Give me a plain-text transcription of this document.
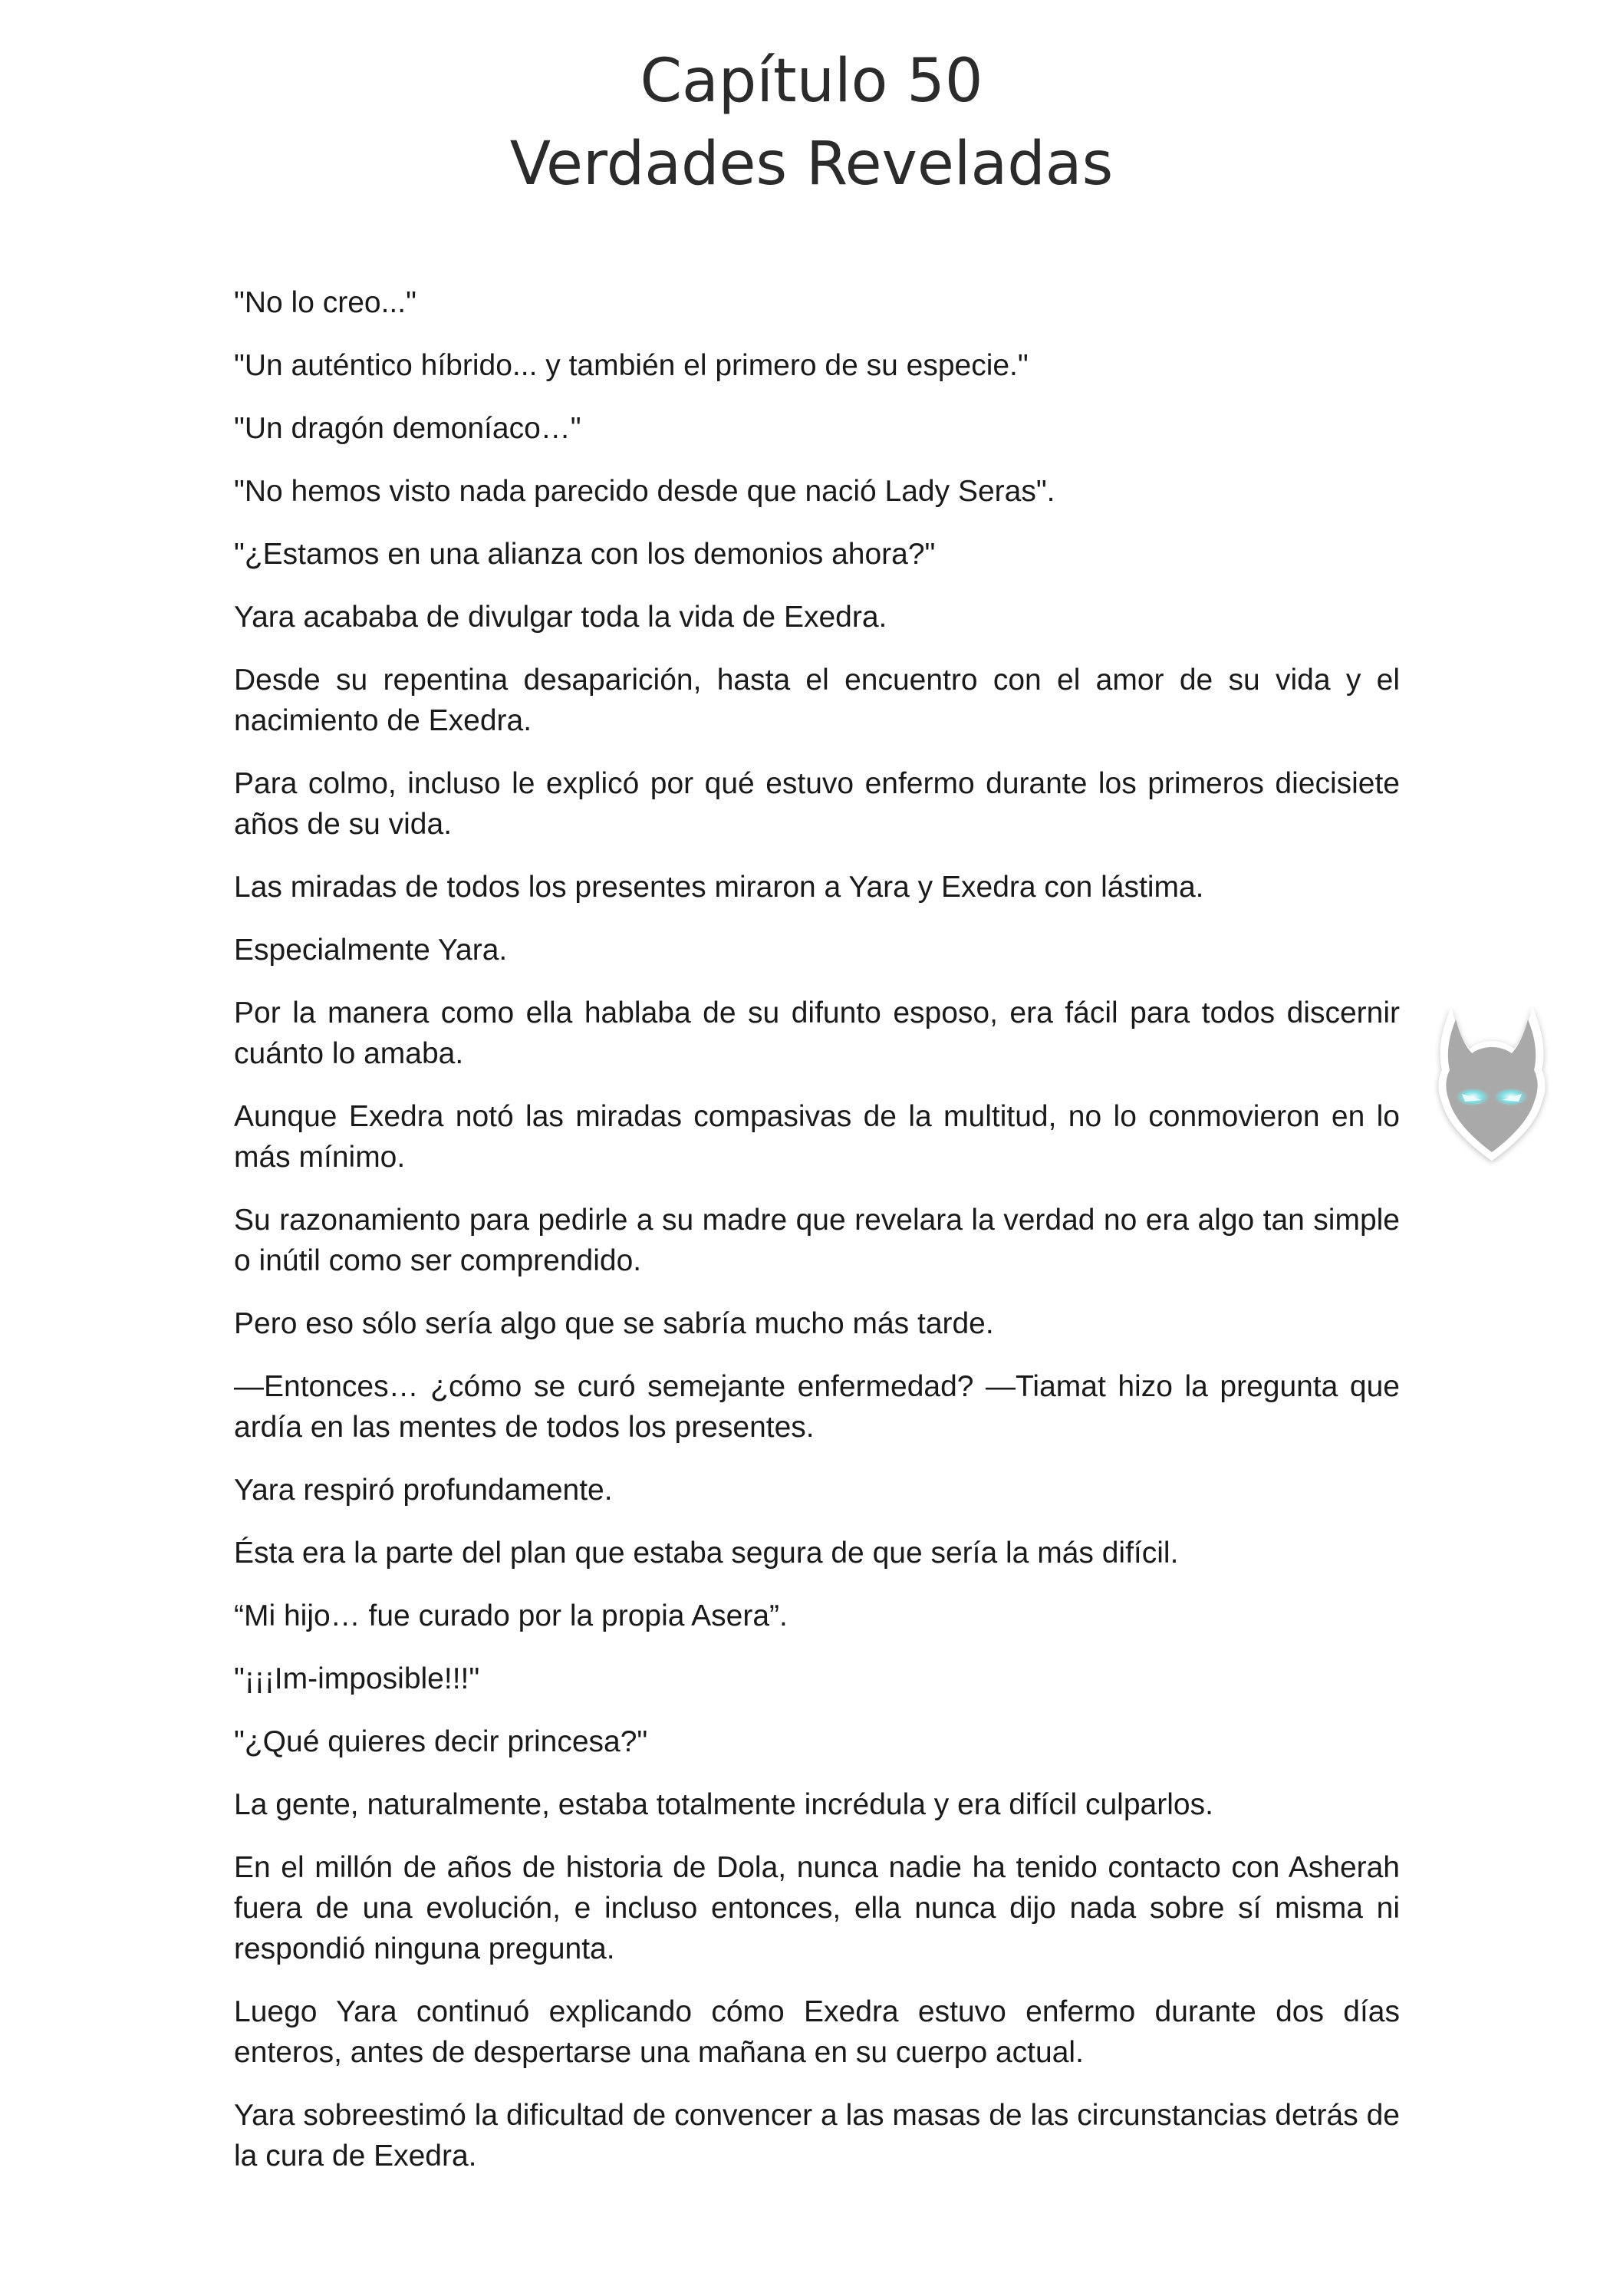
Capítulo 50

Verdades Reveladas

"No lo creo..."

"Un auténtico híbrido... y también el primero de su especie."

"Un dragón demoníaco…"

"No hemos visto nada parecido desde que nació Lady Seras".

"¿Estamos en una alianza con los demonios ahora?"

Yara acababa de divulgar toda la vida de Exedra.

Desde su repentina desaparición, hasta el encuentro con el amor de su vida y el nacimiento de Exedra.

Para colmo, incluso le explicó por qué estuvo enfermo durante los primeros diecisiete años de su vida.

Las miradas de todos los presentes miraron a Yara y Exedra con lástima.

Especialmente Yara.

Por la manera como ella hablaba de su difunto esposo, era fácil para todos discernir cuánto lo amaba.

Aunque Exedra notó las miradas compasivas de la multitud, no lo conmovieron en lo más mínimo.

Su razonamiento para pedirle a su madre que revelara la verdad no era algo tan simple o inútil como ser comprendido.

Pero eso sólo sería algo que se sabría mucho más tarde.

—Entonces… ¿cómo se curó semejante enfermedad? —Tiamat hizo la pregunta que ardía en las mentes de todos los presentes.

Yara respiró profundamente.

Ésta era la parte del plan que estaba segura de que sería la más difícil.

“Mi hijo… fue curado por la propia Asera”.

"¡¡¡Im-imposible!!!"

"¿Qué quieres decir princesa?"

La gente, naturalmente, estaba totalmente incrédula y era difícil culparlos.

En el millón de años de historia de Dola, nunca nadie ha tenido contacto con Asherah fuera de una evolución, e incluso entonces, ella nunca dijo nada sobre sí misma ni respondió ninguna pregunta.

Luego Yara continuó explicando cómo Exedra estuvo enfermo durante dos días enteros, antes de despertarse una mañana en su cuerpo actual.

Yara sobreestimó la dificultad de convencer a las masas de las circunstancias detrás de la cura de Exedra.
